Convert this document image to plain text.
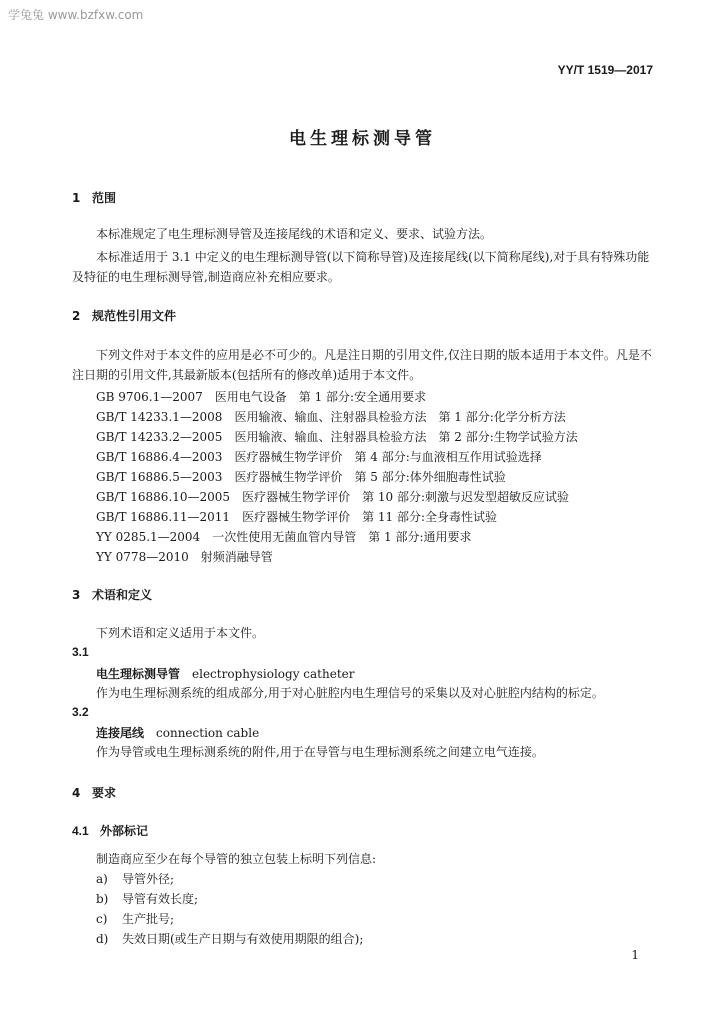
学兔兔 www.bzfxw.com
YY/T 1519—2017
电生理标测导管
1 范围
本标准规定了电生理标测导管及连接尾线的术语和定义、要求、试验方法。
本标准适用于 3.1 中定义的电生理标测导管(以下简称导管)及连接尾线(以下简称尾线),对于具有特殊功能及特征的电生理标测导管,制造商应补充相应要求。
2 规范性引用文件
下列文件对于本文件的应用是必不可少的。凡是注日期的引用文件,仅注日期的版本适用于本文件。凡是不注日期的引用文件,其最新版本(包括所有的修改单)适用于本文件。
GB 9706.1—2007 医用电气设备 第 1 部分:安全通用要求
GB/T 14233.1—2008 医用输液、输血、注射器具检验方法 第 1 部分:化学分析方法
GB/T 14233.2—2005 医用输液、输血、注射器具检验方法 第 2 部分:生物学试验方法
GB/T 16886.4—2003 医疗器械生物学评价 第 4 部分:与血液相互作用试验选择
GB/T 16886.5—2003 医疗器械生物学评价 第 5 部分:体外细胞毒性试验
GB/T 16886.10—2005 医疗器械生物学评价 第 10 部分:刺激与迟发型超敏反应试验
GB/T 16886.11—2011 医疗器械生物学评价 第 11 部分:全身毒性试验
YY 0285.1—2004 一次性使用无菌血管内导管 第 1 部分:通用要求
YY 0778—2010 射频消融导管
3 术语和定义
下列术语和定义适用于本文件。
3.1
电生理标测导管 electrophysiology catheter
作为电生理标测系统的组成部分,用于对心脏腔内电生理信号的采集以及对心脏腔内结构的标定。
3.2
连接尾线 connection cable
作为导管或电生理标测系统的附件,用于在导管与电生理标测系统之间建立电气连接。
4 要求
4.1 外部标记
制造商应至少在每个导管的独立包装上标明下列信息:
a) 导管外径;
b) 导管有效长度;
c) 生产批号;
d) 失效日期(或生产日期与有效使用期限的组合);
1
